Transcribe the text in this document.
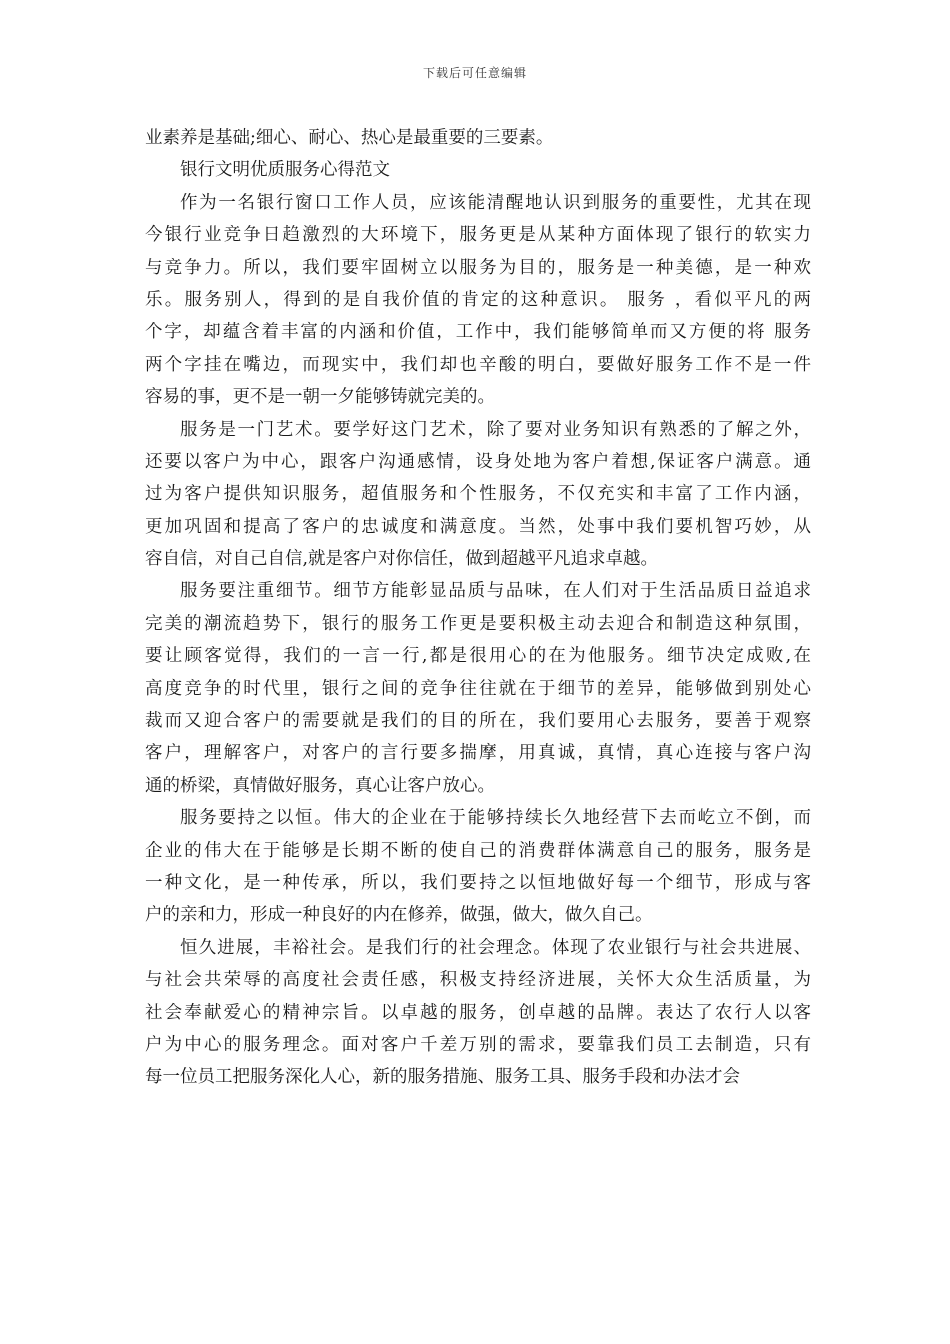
下载后可任意编辑
业素养是基础;细心、耐心、热心是最重要的三要素。
银行文明优质服务心得范文
作为一名银行窗口工作人员，应该能清醒地认识到服务的重要性，尤其在现
今银行业竞争日趋激烈的大环境下，服务更是从某种方面体现了银行的软实力
与竞争力。所以，我们要牢固树立以服务为目的，服务是一种美德，是一种欢
乐。服务别人，得到的是自我价值的肯定的这种意识。 服务 ，看似平凡的两
个字，却蕴含着丰富的内涵和价值，工作中，我们能够简单而又方便的将 服务
两个字挂在嘴边，而现实中，我们却也辛酸的明白，要做好服务工作不是一件
容易的事，更不是一朝一夕能够铸就完美的。
服务是一门艺术。要学好这门艺术，除了要对业务知识有熟悉的了解之外，
还要以客户为中心，跟客户沟通感情，设身处地为客户着想,保证客户满意。通
过为客户提供知识服务，超值服务和个性服务，不仅充实和丰富了工作内涵，
更加巩固和提高了客户的忠诚度和满意度。当然，处事中我们要机智巧妙，从
容自信，对自己自信,就是客户对你信任，做到超越平凡追求卓越。
服务要注重细节。细节方能彰显品质与品味，在人们对于生活品质日益追求
完美的潮流趋势下，银行的服务工作更是要积极主动去迎合和制造这种氛围，
要让顾客觉得，我们的一言一行,都是很用心的在为他服务。细节决定成败,在
高度竞争的时代里，银行之间的竞争往往就在于细节的差异，能够做到别处心
裁而又迎合客户的需要就是我们的目的所在，我们要用心去服务，要善于观察
客户，理解客户，对客户的言行要多揣摩，用真诚，真情，真心连接与客户沟
通的桥梁，真情做好服务，真心让客户放心。
服务要持之以恒。伟大的企业在于能够持续长久地经营下去而屹立不倒，而
企业的伟大在于能够是长期不断的使自己的消费群体满意自己的服务，服务是
一种文化，是一种传承，所以，我们要持之以恒地做好每一个细节，形成与客
户的亲和力，形成一种良好的内在修养，做强，做大，做久自己。
恒久进展，丰裕社会。是我们行的社会理念。体现了农业银行与社会共进展、
与社会共荣辱的高度社会责任感，积极支持经济进展，关怀大众生活质量，为
社会奉献爱心的精神宗旨。以卓越的服务，创卓越的品牌。表达了农行人以客
户为中心的服务理念。面对客户千差万别的需求，要靠我们员工去制造，只有
每一位员工把服务深化人心，新的服务措施、服务工具、服务手段和办法才会
